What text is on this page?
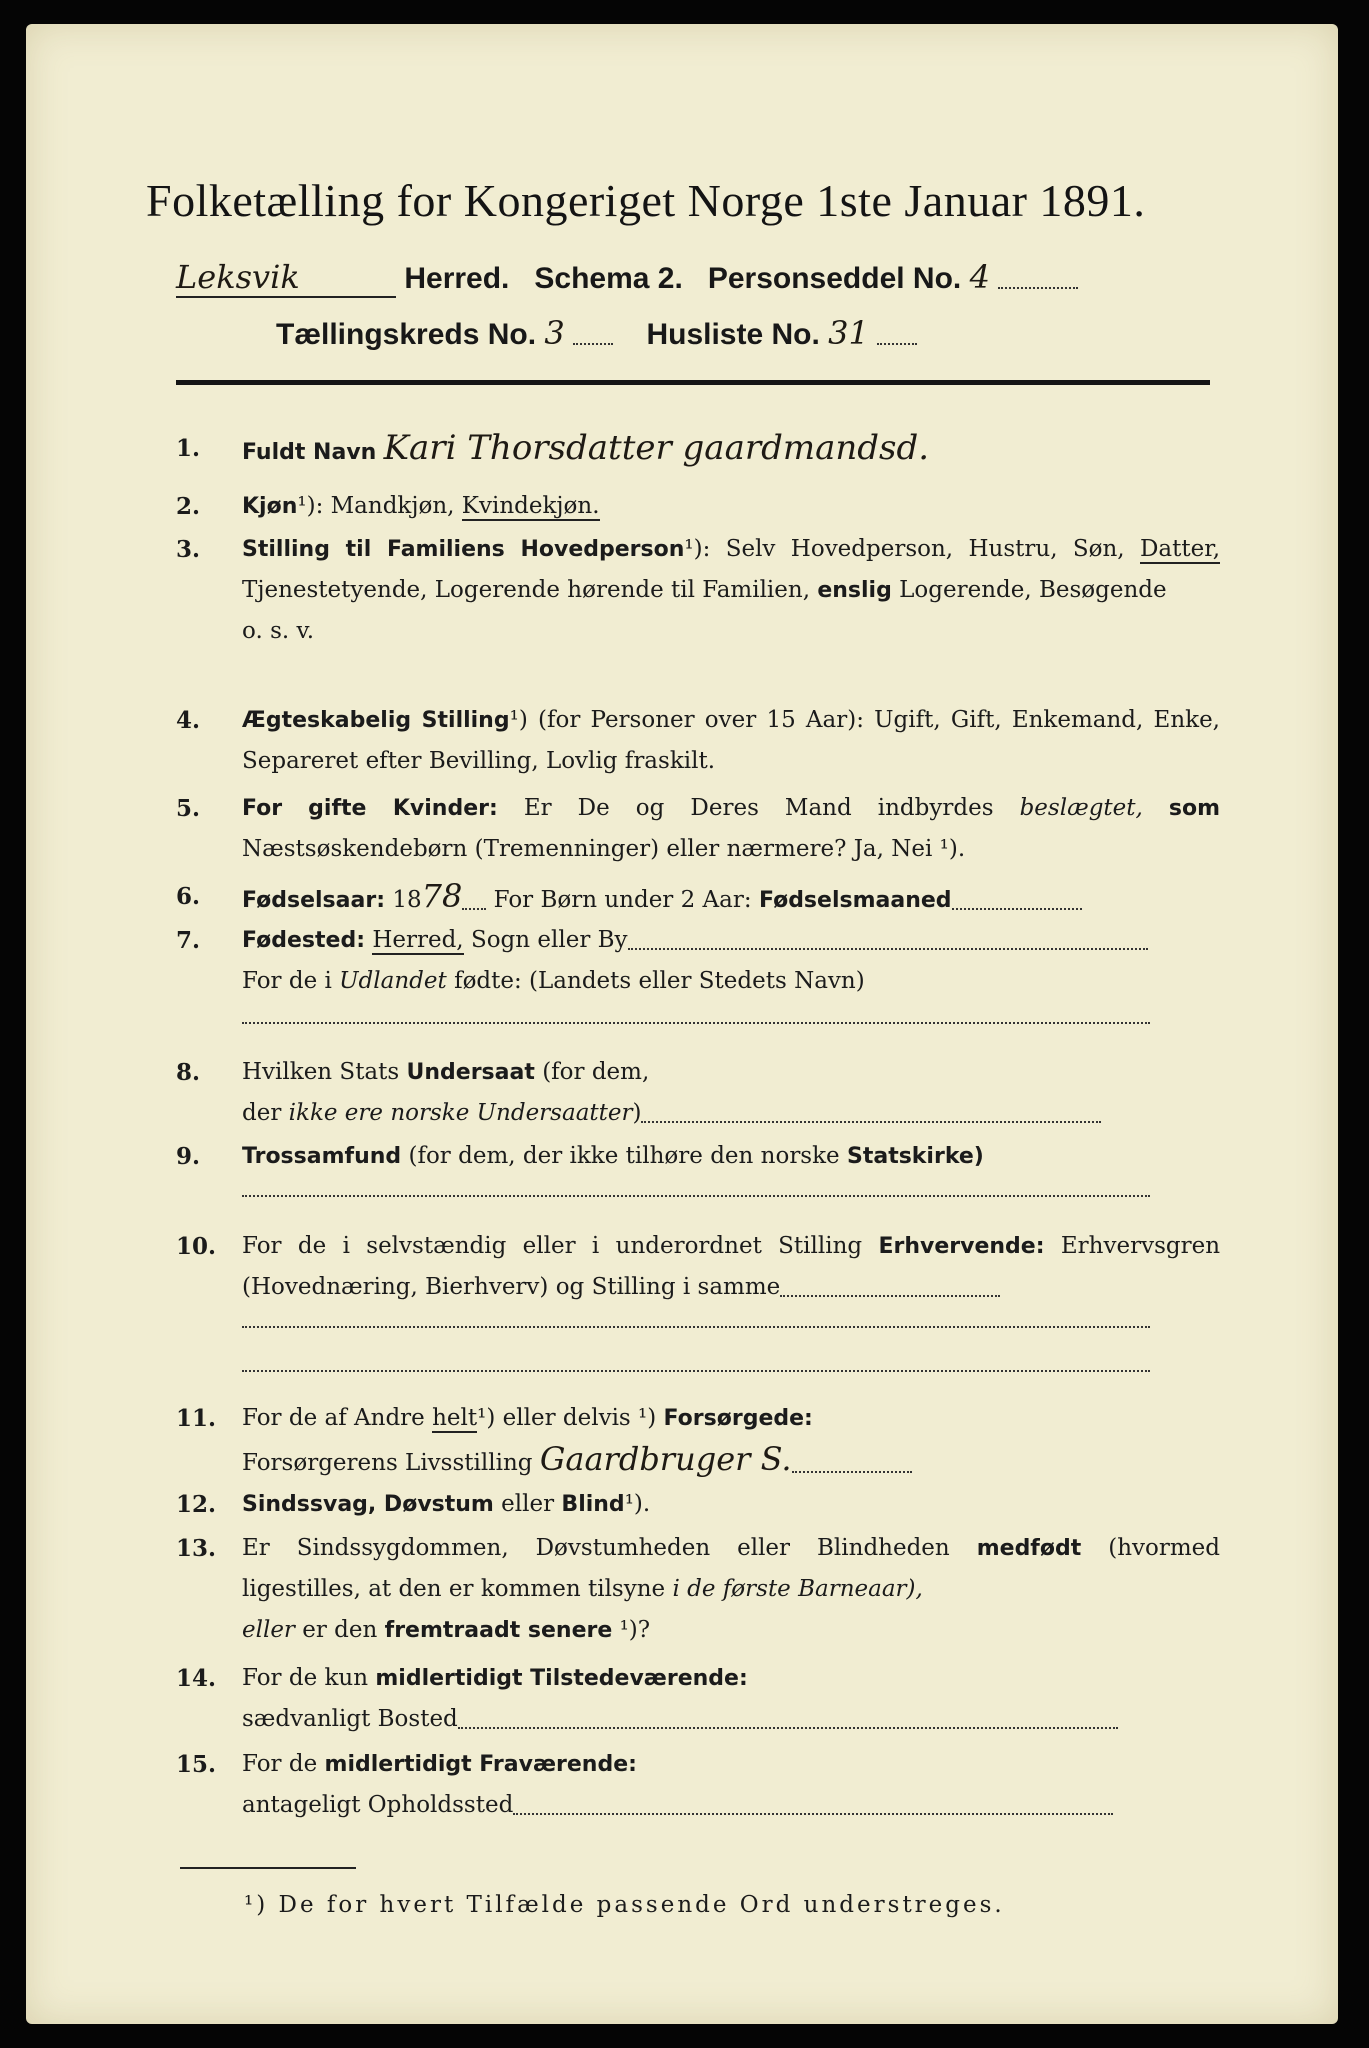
Folketælling for Kongeriget Norge 1ste Januar 1891.
Leksvik	Herred. Schema 2. Personseddel No. 4
Tællingskreds No. 3	Husliste No. 31
1.	Fuldt Navn Kari Thorsdatter gaardmandsd.
2.	Kjøn¹): Mandkjøn, Kvindekjøn.
3.	Stilling til Familiens Hovedperson¹): Selv Hovedperson, Hustru, Søn, Datter, Tjenestetyende, Logerende hørende til Familien, enslig Logerende, Besøgende
o. s. v.
4.	Ægteskabelig Stilling¹) (for Personer over 15 Aar): Ugift, Gift, Enkemand, Enke, Separeret efter Bevilling, Lovlig fraskilt.
5.	For gifte Kvinder: Er De og Deres Mand indbyrdes beslægtet, som Næstsøskendebørn (Tremenninger) eller nærmere? Ja, Nei ¹).
6.	Fødselsaar: 1878 For Børn under 2 Aar: Fødselsmaaned
7.	Fødested: Herred, Sogn eller By
For de i Udlandet fødte: (Landets eller Stedets Navn)
8.	Hvilken Stats Undersaat (for dem,
der ikke ere norske Undersaatter)
9.	Trossamfund (for dem, der ikke tilhøre den norske Statskirke)
10.	For de i selvstændig eller i underordnet Stilling Erhvervende: Erhvervsgren (Hovednæring, Bierhverv) og Stilling i samme
11.	For de af Andre helt¹) eller delvis ¹) Forsørgede:
Forsørgerens Livsstilling Gaardbruger S.
12.	Sindssvag, Døvstum eller Blind¹).
13.	Er Sindssygdommen, Døvstumheden eller Blindheden medfødt (hvormed ligestilles, at den er kommen tilsyne i de første Barneaar),
eller er den fremtraadt senere ¹)?
14.	For de kun midlertidigt Tilstedeværende:
sædvanligt Bosted
15.	For de midlertidigt Fraværende:
antageligt Opholdssted
¹) De for hvert Tilfælde passende Ord understreges.
